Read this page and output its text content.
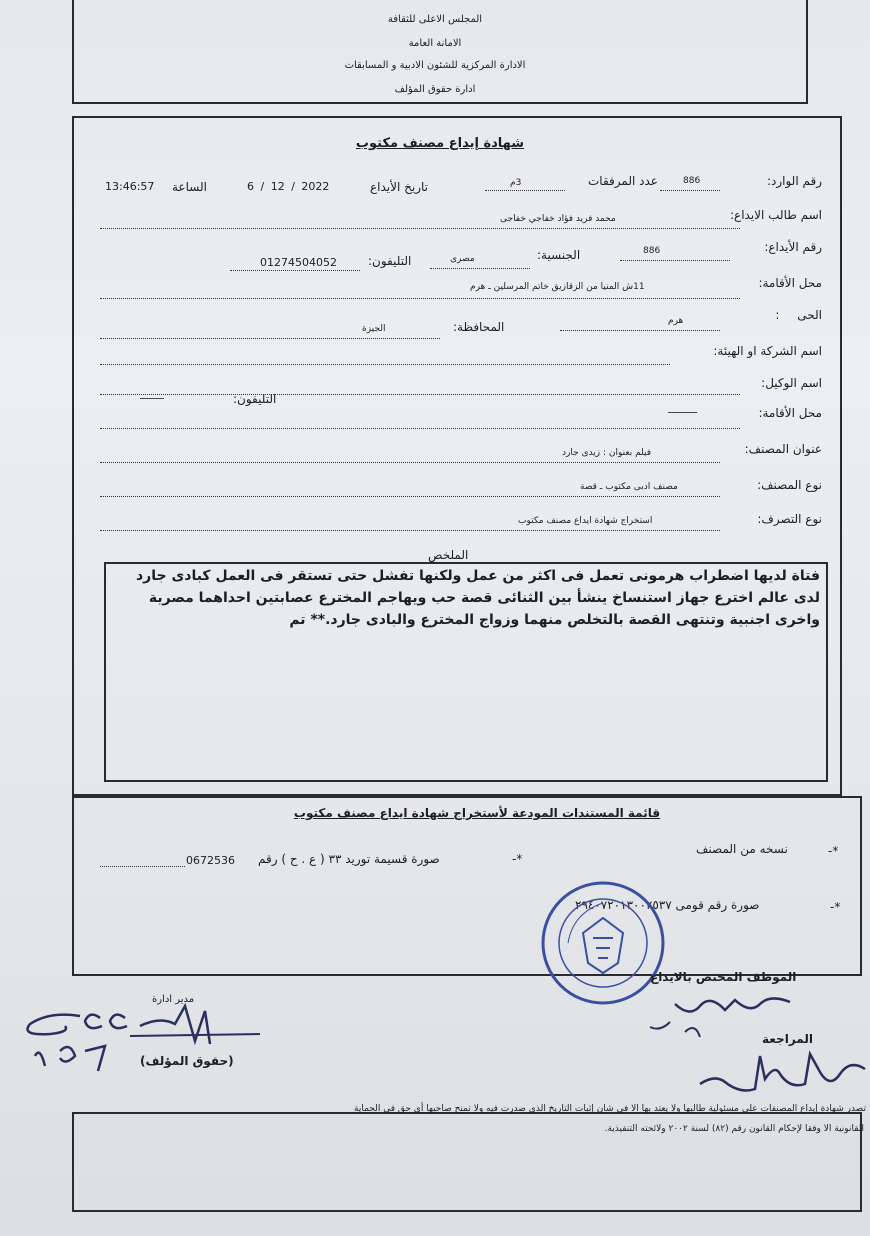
المجلس الاعلى للثقافة
الامانة العامة
الادارة المركزية للشئون الادبية و المسابقات
ادارة حقوق المؤلف
شهادة إيداع مصنف مكتوب
رقم الوارد:
886
عدد المرفقات
3م
تاريخ الأيداع
6 / 12 / 2022
الساعة
13:46:57
اسم طالب الايداع:
محمد فريد فؤاد خفاجي خفاجى
رقم الأيداع:
886
الجنسية:
مصرى
التليفون:
01274504052
محل الأقامة:
11ش المنيا من الزقازيق خاتم المرسلين ـ هرم
الحى :
هرم
المحافظة:
الجيزة
اسم الشركة او الهيئة:
اسم الوكيل:
التليفون:
ـــــــــ
محل الأقامة:
ـــــــــــ
عنوان المصنف:
فيلم بعنوان : زيدى جارد
نوع المصنف:
مصنف ادبى مكتوب ـ قصة
نوع التصرف:
استخراج شهادة ايداع مصنف مكتوب
الملخص
فتاة لديها اضطراب هرمونى تعمل فى اكثر من عمل ولكنها تفشل حتى تستقر فى العمل كبادى جارد لدى عالم اخترع جهاز استنساخ ينشأ بين الثنائى قصة حب ويهاجم المخترع عصابتين احداهما مصرية واخرى اجنبية وتنتهى القصة بالتخلص منهما وزواج المخترع والبادى جارد.** تم
قائمة المستندات المودعة لأستخراج شهادة ايداع مصنف مكتوب
-*
نسخه من المصنف
-*
صورة قسيمة توريد ٣٣ ( ع . ح ) رقم
0672536
-*
صورة رقم قومى ٢٩٤٠٧٢٠١٣٠٠٢٥٣٧
الموظف المختص بالايداع
المراجعة
مدير ادارة
(حقوق المؤلف)
تصدر شهادة إيداع المصنفات على مسئولية طالبها ولا يعتد بها الا فى شان إثبات التاريخ الذى صدرت فيه ولا تمنح صاحبها أى حق فى الحماية
القانونية الا وفقا لإحكام القانون رقم (٨٢) لسنة ٢٠٠٢ ولائحته التنفيذية.
